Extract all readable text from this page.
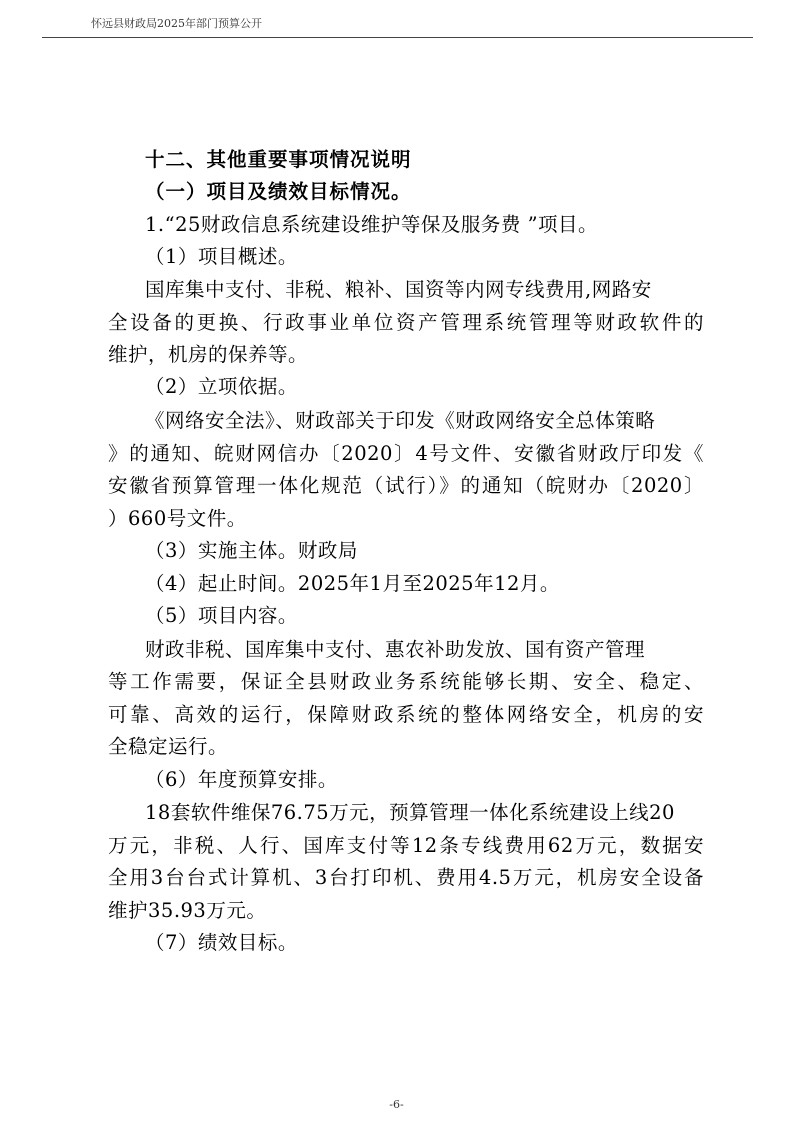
怀远县财政局2025年部门预算公开
十二、其他重要事项情况说明
（一）项目及绩效目标情况。
1.“25财政信息系统建设维护等保及服务费 ”项目。
（1）项目概述。
国库集中支付、非税、粮补、国资等内网专线费用,网路安
全设备的更换、行政事业单位资产管理系统管理等财政软件的
维护，机房的保养等。
（2）立项依据。
《网络安全法》、财政部关于印发《财政网络安全总体策略
》的通知、皖财网信办〔2020〕4号文件、安徽省财政厅印发《
安徽省预算管理一体化规范（试行）》的通知（皖财办〔2020〕
）660号文件。
（3）实施主体。财政局
（4）起止时间。2025年1月至2025年12月。
（5）项目内容。
财政非税、国库集中支付、惠农补助发放、国有资产管理
等工作需要，保证全县财政业务系统能够长期、安全、稳定、
可靠、高效的运行，保障财政系统的整体网络安全，机房的安
全稳定运行。
（6）年度预算安排。
18套软件维保76.75万元，预算管理一体化系统建设上线20
万元，非税、人行、国库支付等12条专线费用62万元，数据安
全用3台台式计算机、3台打印机、费用4.5万元，机房安全设备
维护35.93万元。
（7）绩效目标。
-6-
